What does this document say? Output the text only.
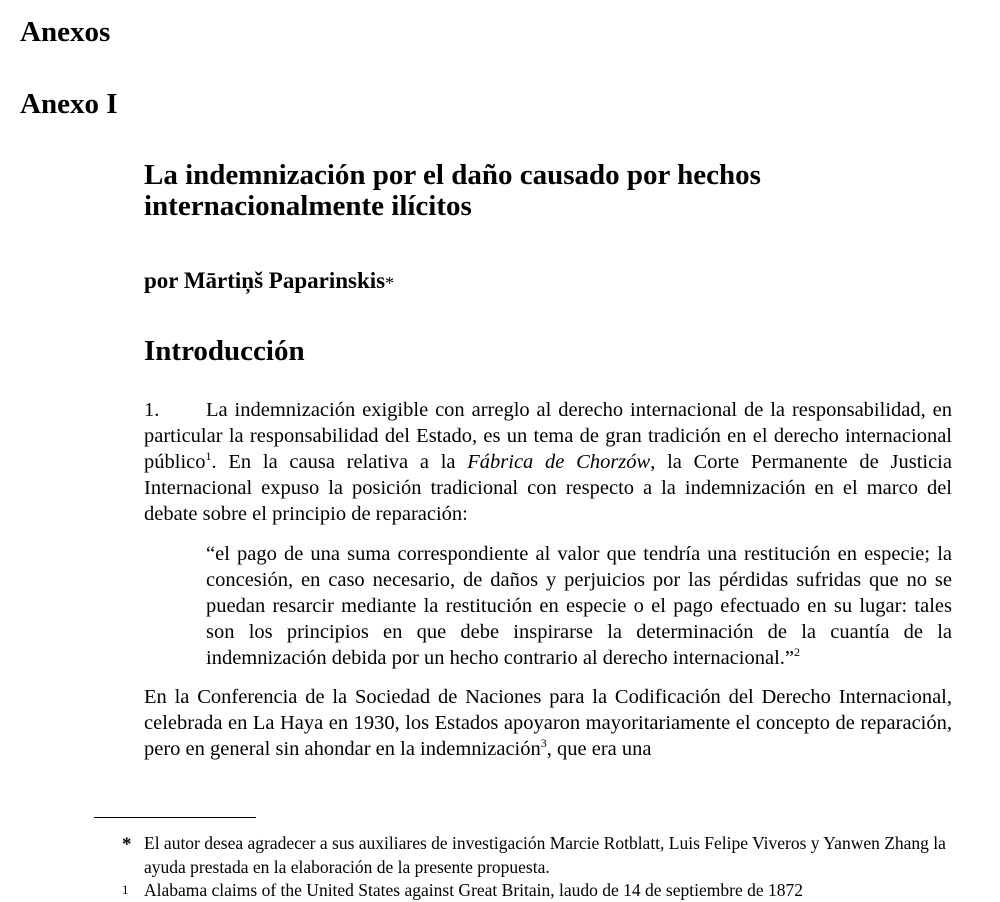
Anexos
Anexo I
La indemnización por el daño causado por hechos internacionalmente ilícitos

por Mārtiņš Paparinskis*

Introducción

1. La indemnización exigible con arreglo al derecho internacional de la responsabilidad, en particular la responsabilidad del Estado, es un tema de gran tradición en el derecho internacional público$^1$. En la causa relativa a la Fábrica de Chorzów, la Corte Permanente de Justicia Internacional expuso la posición tradicional con respecto a la indemnización en el marco del debate sobre el principio de reparación:

“el pago de una suma correspondiente al valor que tendría una restitución en especie; la concesión, en caso necesario, de daños y perjuicios por las pérdidas sufridas que no se puedan resarcir mediante la restitución en especie o el pago efectuado en su lugar: tales son los principios en que debe inspirarse la determinación de la cuantía de la indemnización debida por un hecho contrario al derecho internacional.”$^2$

En la Conferencia de la Sociedad de Naciones para la Codificación del Derecho Internacional, celebrada en La Haya en 1930, los Estados apoyaron mayoritariamente el concepto de reparación, pero en general sin ahondar en la indemnización$^3$, que era una

* El autor desea agradecer a sus auxiliares de investigación Marcie Rotblatt, Luis Felipe Viveros y Yanwen Zhang la ayuda prestada en la elaboración de la presente propuesta.

1 Alabama claims of the United States against Great Britain, laudo de 14 de septiembre de 1872
